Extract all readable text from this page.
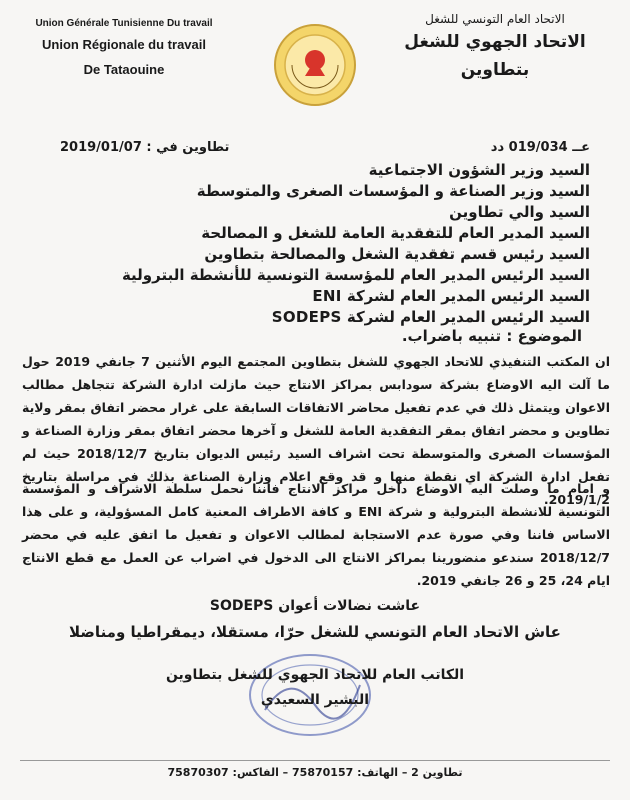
Union Générale Tunisienne Du travail
Union Régionale du travail
De Tataouine
الاتحاد العام التونسي للشغل
الاتحاد الجهوي للشغل
بتطاوين
عــ 019/034 دد
تطاوين في : 2019/01/07
السيد وزير الشؤون الاجتماعية
السيد وزير الصناعة و المؤسسات الصغرى والمتوسطة
السيد والي تطاوين
السيد المدير العام للتفقدية العامة للشغل و المصالحة
السيد رئيس قسم تفقدية الشغل والمصالحة بتطاوين
السيد الرئيس المدير العام للمؤسسة التونسية للأنشطة البترولية
السيد الرئيس المدير العام لشركة ENI
السيد الرئيس المدير العام لشركة SODEPS
الموضوع : تنبيه باضراب.
ان المكتب التنفيذي للاتحاد الجهوي للشغل بتطاوين المجتمع اليوم الأثنين 7 جانفي 2019 حول ما آلت اليه الاوضاع بشركة سودابس بمراكز الانتاج حيث مازلت ادارة الشركة تتجاهل مطالب الاعوان ويتمثل ذلك في عدم تفعيل محاضر الاتفاقات السابقة على غرار محضر اتفاق بمقر ولاية تطاوين و محضر اتفاق بمقر التفقدية العامة للشغل و آخرها محضر اتفاق بمقر وزارة الصناعة و المؤسسات الصغرى والمتوسطة تحت اشراف السيد رئيس الديوان بتاريخ 2018/12/7 حيث لم تفعل ادارة الشركة اي نقطة منها و قد وقع اعلام وزارة الصناعة بذلك في مراسلة بتاريخ 2019/1/2.
و امام ما وصلت اليه الاوضاع داخل مراكز الانتاج فاننا نحمل سلطة الاشراف و المؤسسة التونسية للانشطة البترولية و شركة ENI و كافة الاطراف المعنية كامل المسؤولية، و على هذا الاساس فاننا وفي صورة عدم الاستجابة لمطالب الاعوان و تفعيل ما اتفق عليه في محضر 2018/12/7 سندعو منضورينا بمراكز الانتاج الى الدخول في اضراب عن العمل مع قطع الانتاج ايام 24، 25 و 26 جانفي 2019.
عاشت نضالات أعوان SODEPS
عاش الاتحاد العام التونسي للشغل حرّا، مستقلا، ديمقراطيا ومناضلا
الكاتب العام للاتحاد الجهوي للشغل بتطاوين
البشير السعيدي
تطاوين 2 – الهاتف: 75870157 – الفاكس: 75870307
